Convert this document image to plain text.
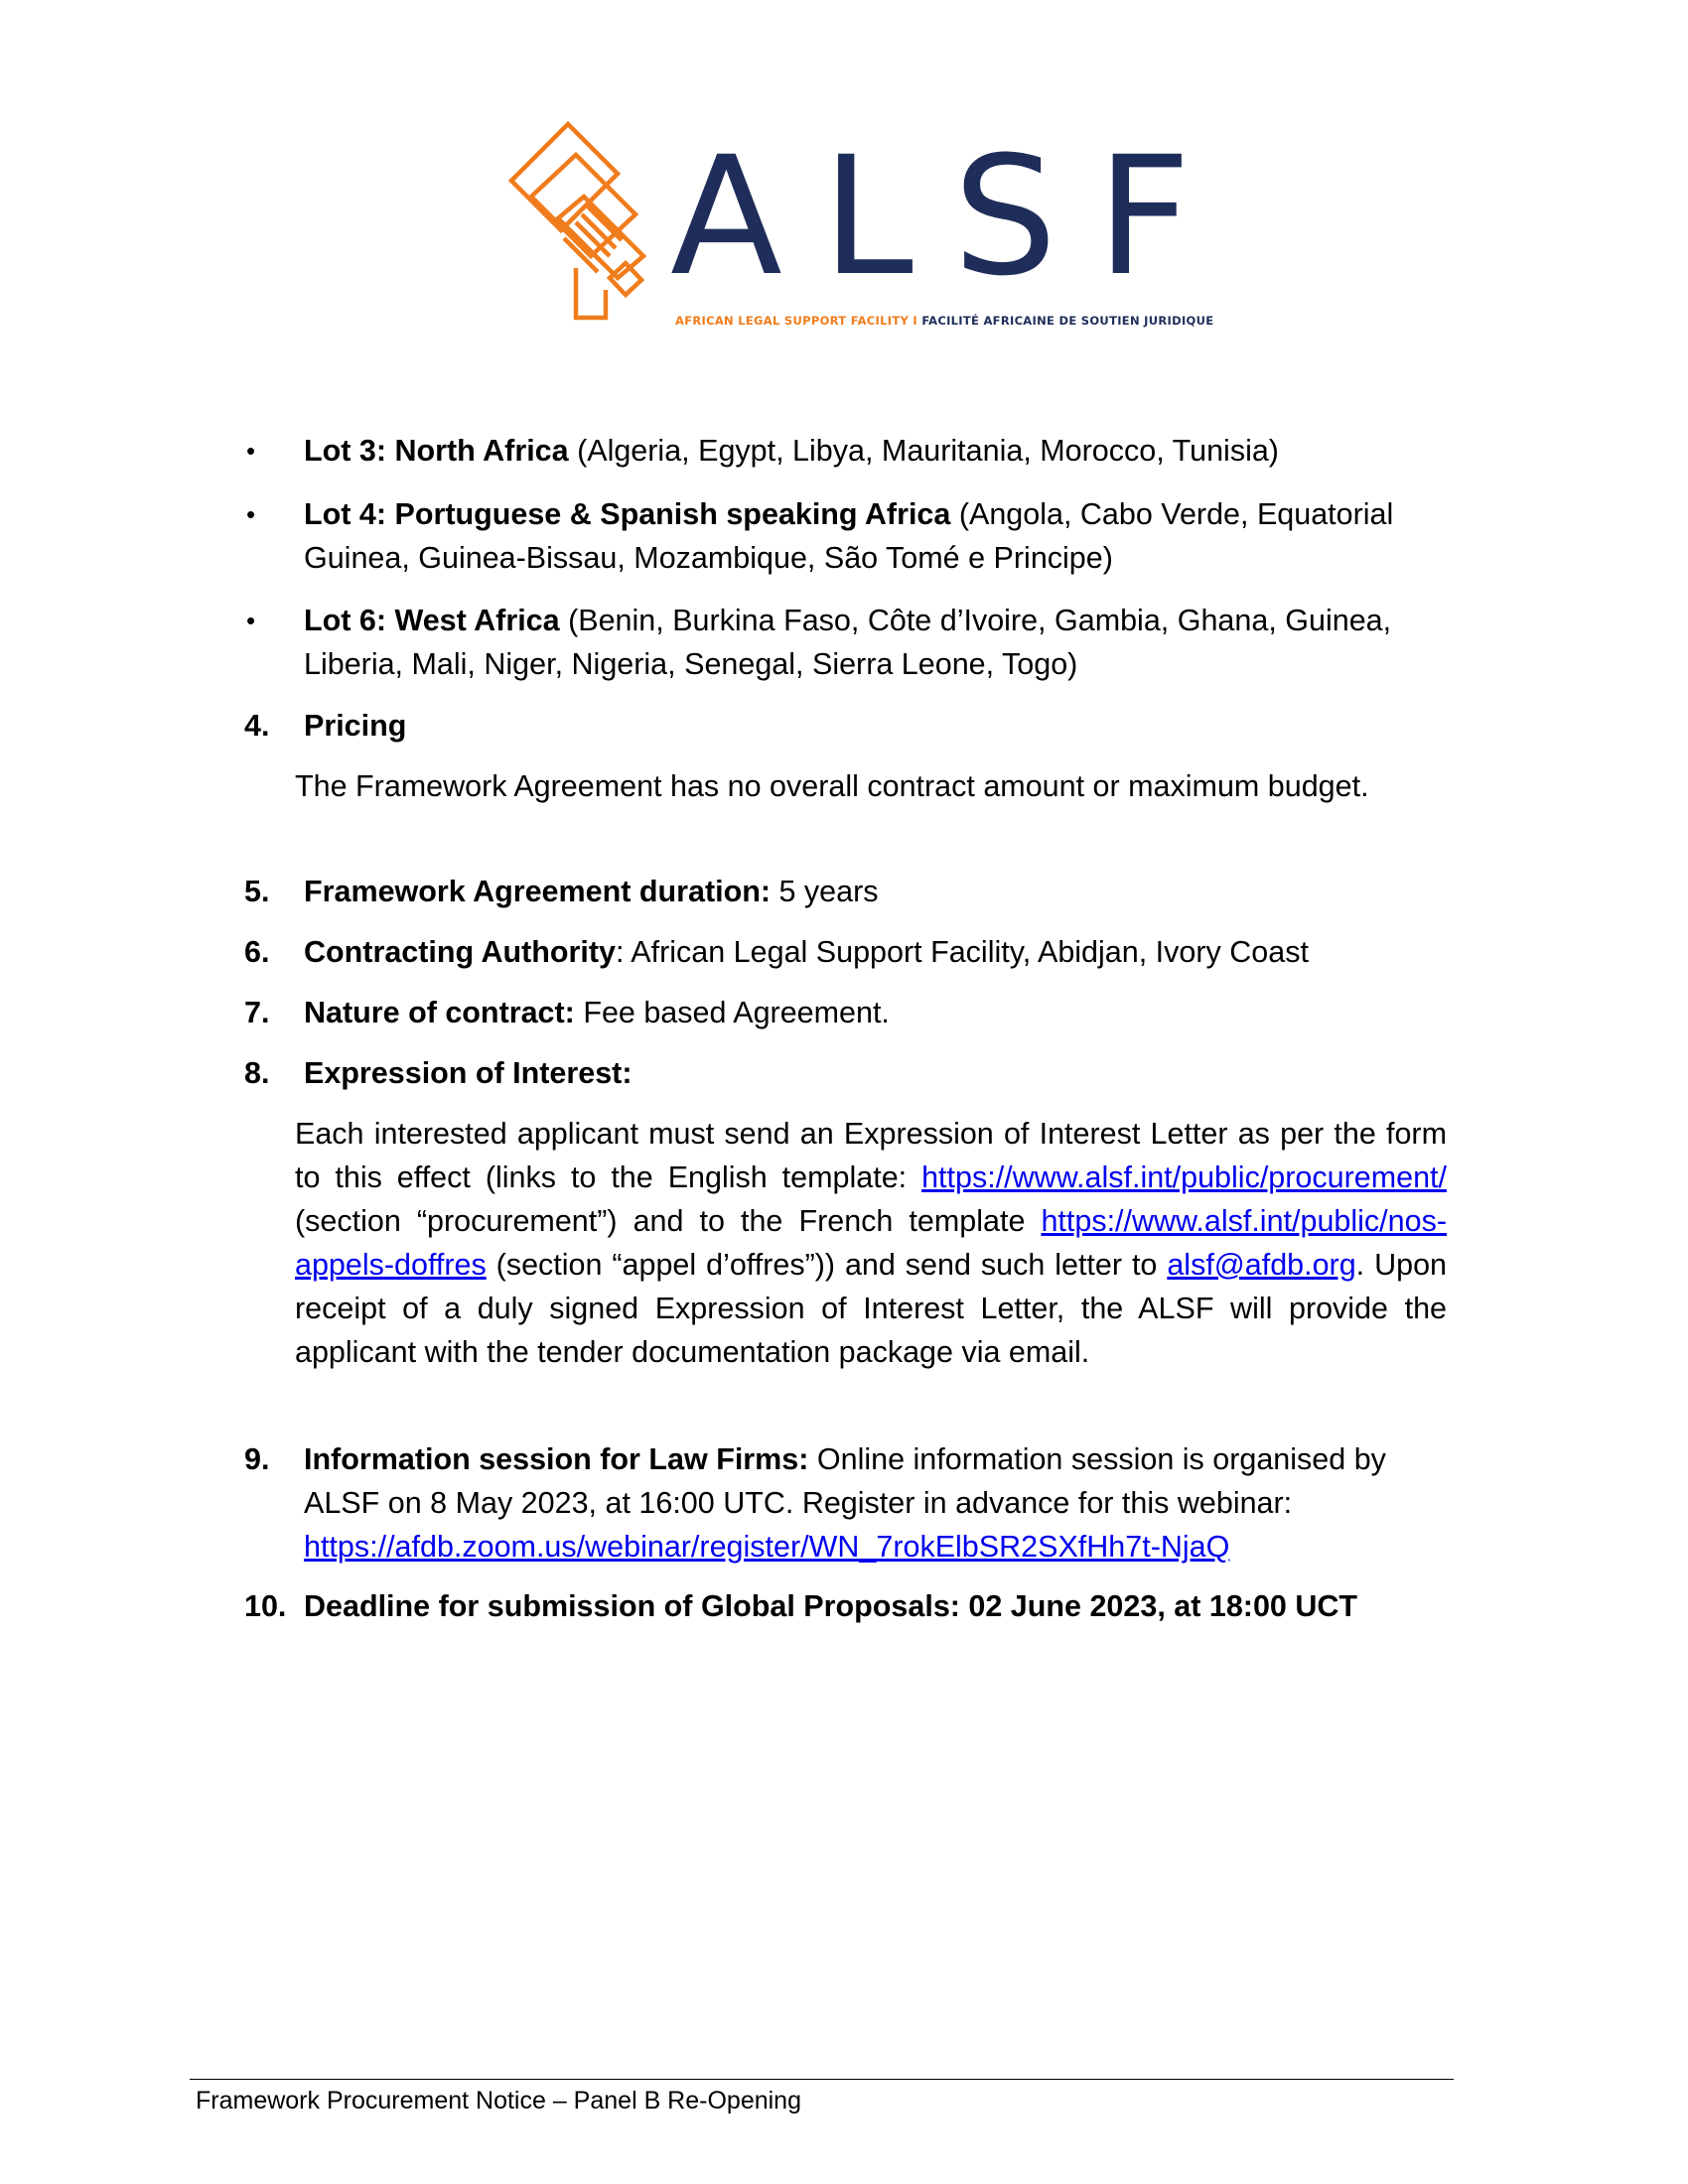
ALSF
AFRICAN LEGAL SUPPORT FACILITY I FACILITÉ AFRICAINE DE SOUTIEN JURIDIQUE
• Lot 3: North Africa (Algeria, Egypt, Libya, Mauritania, Morocco, Tunisia)
• Lot 4: Portuguese & Spanish speaking Africa (Angola, Cabo Verde, Equatorial
Guinea, Guinea-Bissau, Mozambique, São Tomé e Principe)
• Lot 6: West Africa (Benin, Burkina Faso, Côte d’Ivoire, Gambia, Ghana, Guinea,
Liberia, Mali, Niger, Nigeria, Senegal, Sierra Leone, Togo)
4. Pricing
The Framework Agreement has no overall contract amount or maximum budget.
5. Framework Agreement duration: 5 years
6. Contracting Authority: African Legal Support Facility, Abidjan, Ivory Coast
7. Nature of contract: Fee based Agreement.
8. Expression of Interest:
Each interested applicant must send an Expression of Interest Letter as per the form to this effect (links to the English template: https://www.alsf.int/public/procurement/ (section “procurement”) and to the French template https://www.alsf.int/public/nos-appels-doffres (section “appel d’offres”)) and send such letter to alsf@afdb.org. Upon receipt of a duly signed Expression of Interest Letter, the ALSF will provide the applicant with the tender documentation package via email.
9. Information session for Law Firms: Online information session is organised by
ALSF on 8 May 2023, at 16:00 UTC. Register in advance for this webinar:
https://afdb.zoom.us/webinar/register/WN_7rokElbSR2SXfHh7t-NjaQ
10. Deadline for submission of Global Proposals: 02 June 2023, at 18:00 UCT
Framework Procurement Notice – Panel B Re-Opening
